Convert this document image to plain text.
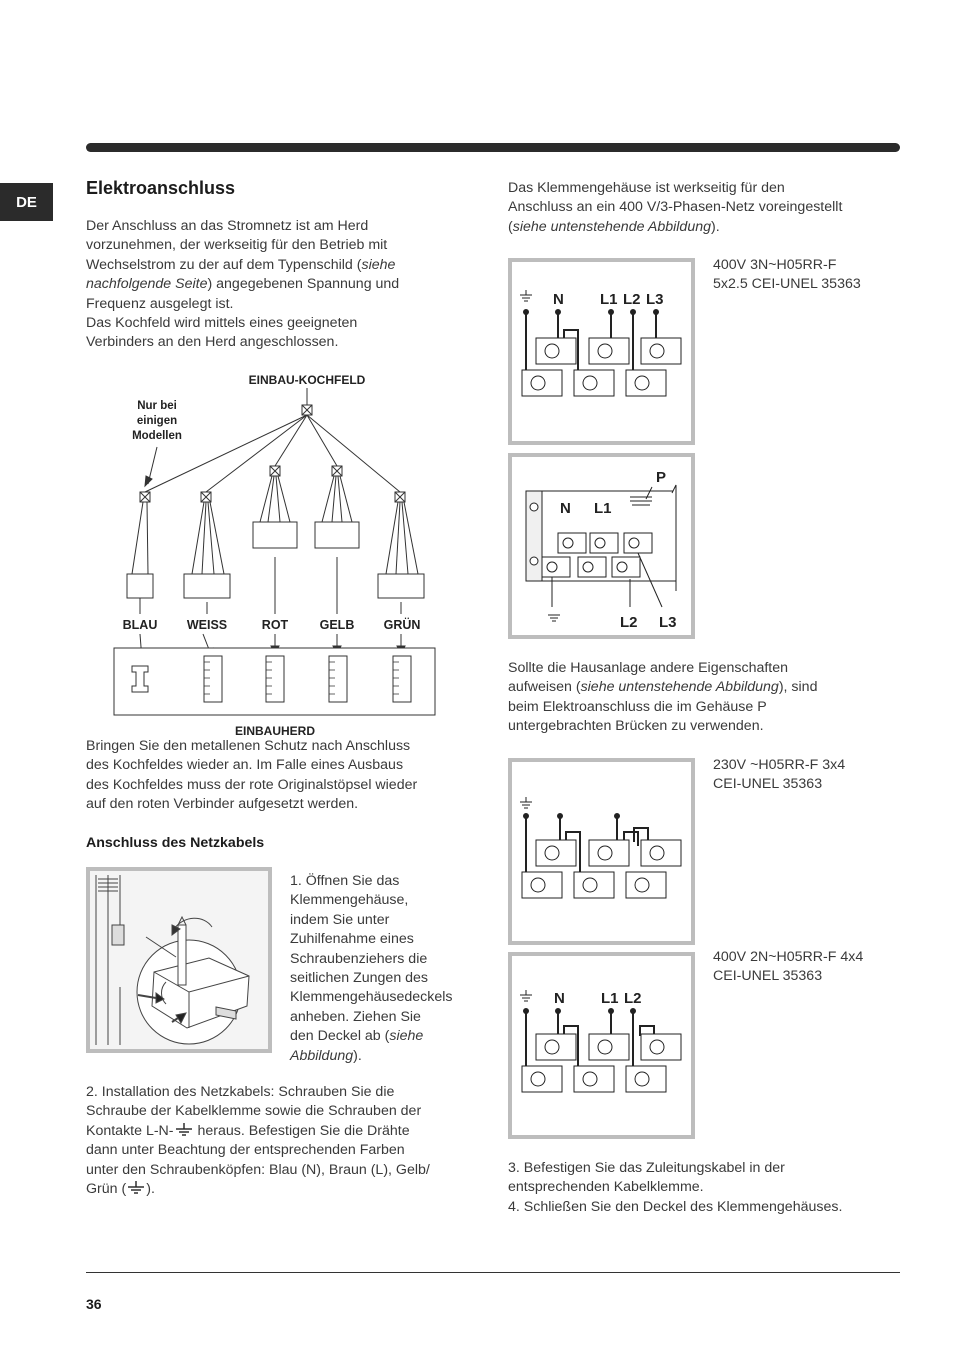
DE
Elektroanschluss

Der Anschluss an das Stromnetz ist am Herd

vorzunehmen, der werkseitig für den Betrieb mit

Wechselstrom zu der auf dem Typenschild (siehe

nachfolgende Seite) angegebenen Spannung und

Frequenz ausgelegt ist.

Das Kochfeld wird mittels eines geeigneten

Verbinders an den Herd angeschlossen.

EINBAU-KOCHFELD
Nur bei
einigen
Modellen
BLAU	WEISS	ROT	GELB	GRÜN
EINBAUHERD

Bringen Sie den metallenen Schutz nach Anschluss

des Kochfeldes wieder an. Im Falle eines Ausbaus

des Kochfeldes muss der rote Originalstöpsel wieder

auf den roten Verbinder aufgesetzt werden.

Anschluss des Netzkabels

1. Öffnen Sie das

Klemmengehäuse,

indem Sie unter

Zuhilfenahme eines

Schraubenziehers die

seitlichen Zungen des

Klemmengehäusedeckels

anheben. Ziehen Sie

den Deckel ab (siehe

Abbildung).

2. Installation des Netzkabels: Schrauben Sie die

Schraube der Kabelklemme sowie die Schrauben der

Kontakte L-N- heraus. Befestigen Sie die Drähte

dann unter Beachtung der entsprechenden Farben

unter den Schraubenköpfen: Blau (N), Braun (L), Gelb/

Grün ( ).

Das Klemmengehäuse ist werkseitig für den

Anschluss an ein 400 V/3-Phasen-Netz voreingestellt

(siehe untenstehende Abbildung).

N L1 L2 L3
400V 3N~H05RR-F
5x2.5 CEI-UNEL 35363
P
N L1
L2 L3

Sollte die Hausanlage andere Eigenschaften

aufweisen (siehe untenstehende Abbildung), sind

beim Elektroanschluss die im Gehäuse P

untergebrachten Brücken zu verwenden.

230V ~H05RR-F 3x4
CEI-UNEL 35363
N L1 L2
400V 2N~H05RR-F 4x4
CEI-UNEL 35363

3. Befestigen Sie das Zuleitungskabel in der

entsprechenden Kabelklemme.

4. Schließen Sie den Deckel des Klemmengehäuses.

36
